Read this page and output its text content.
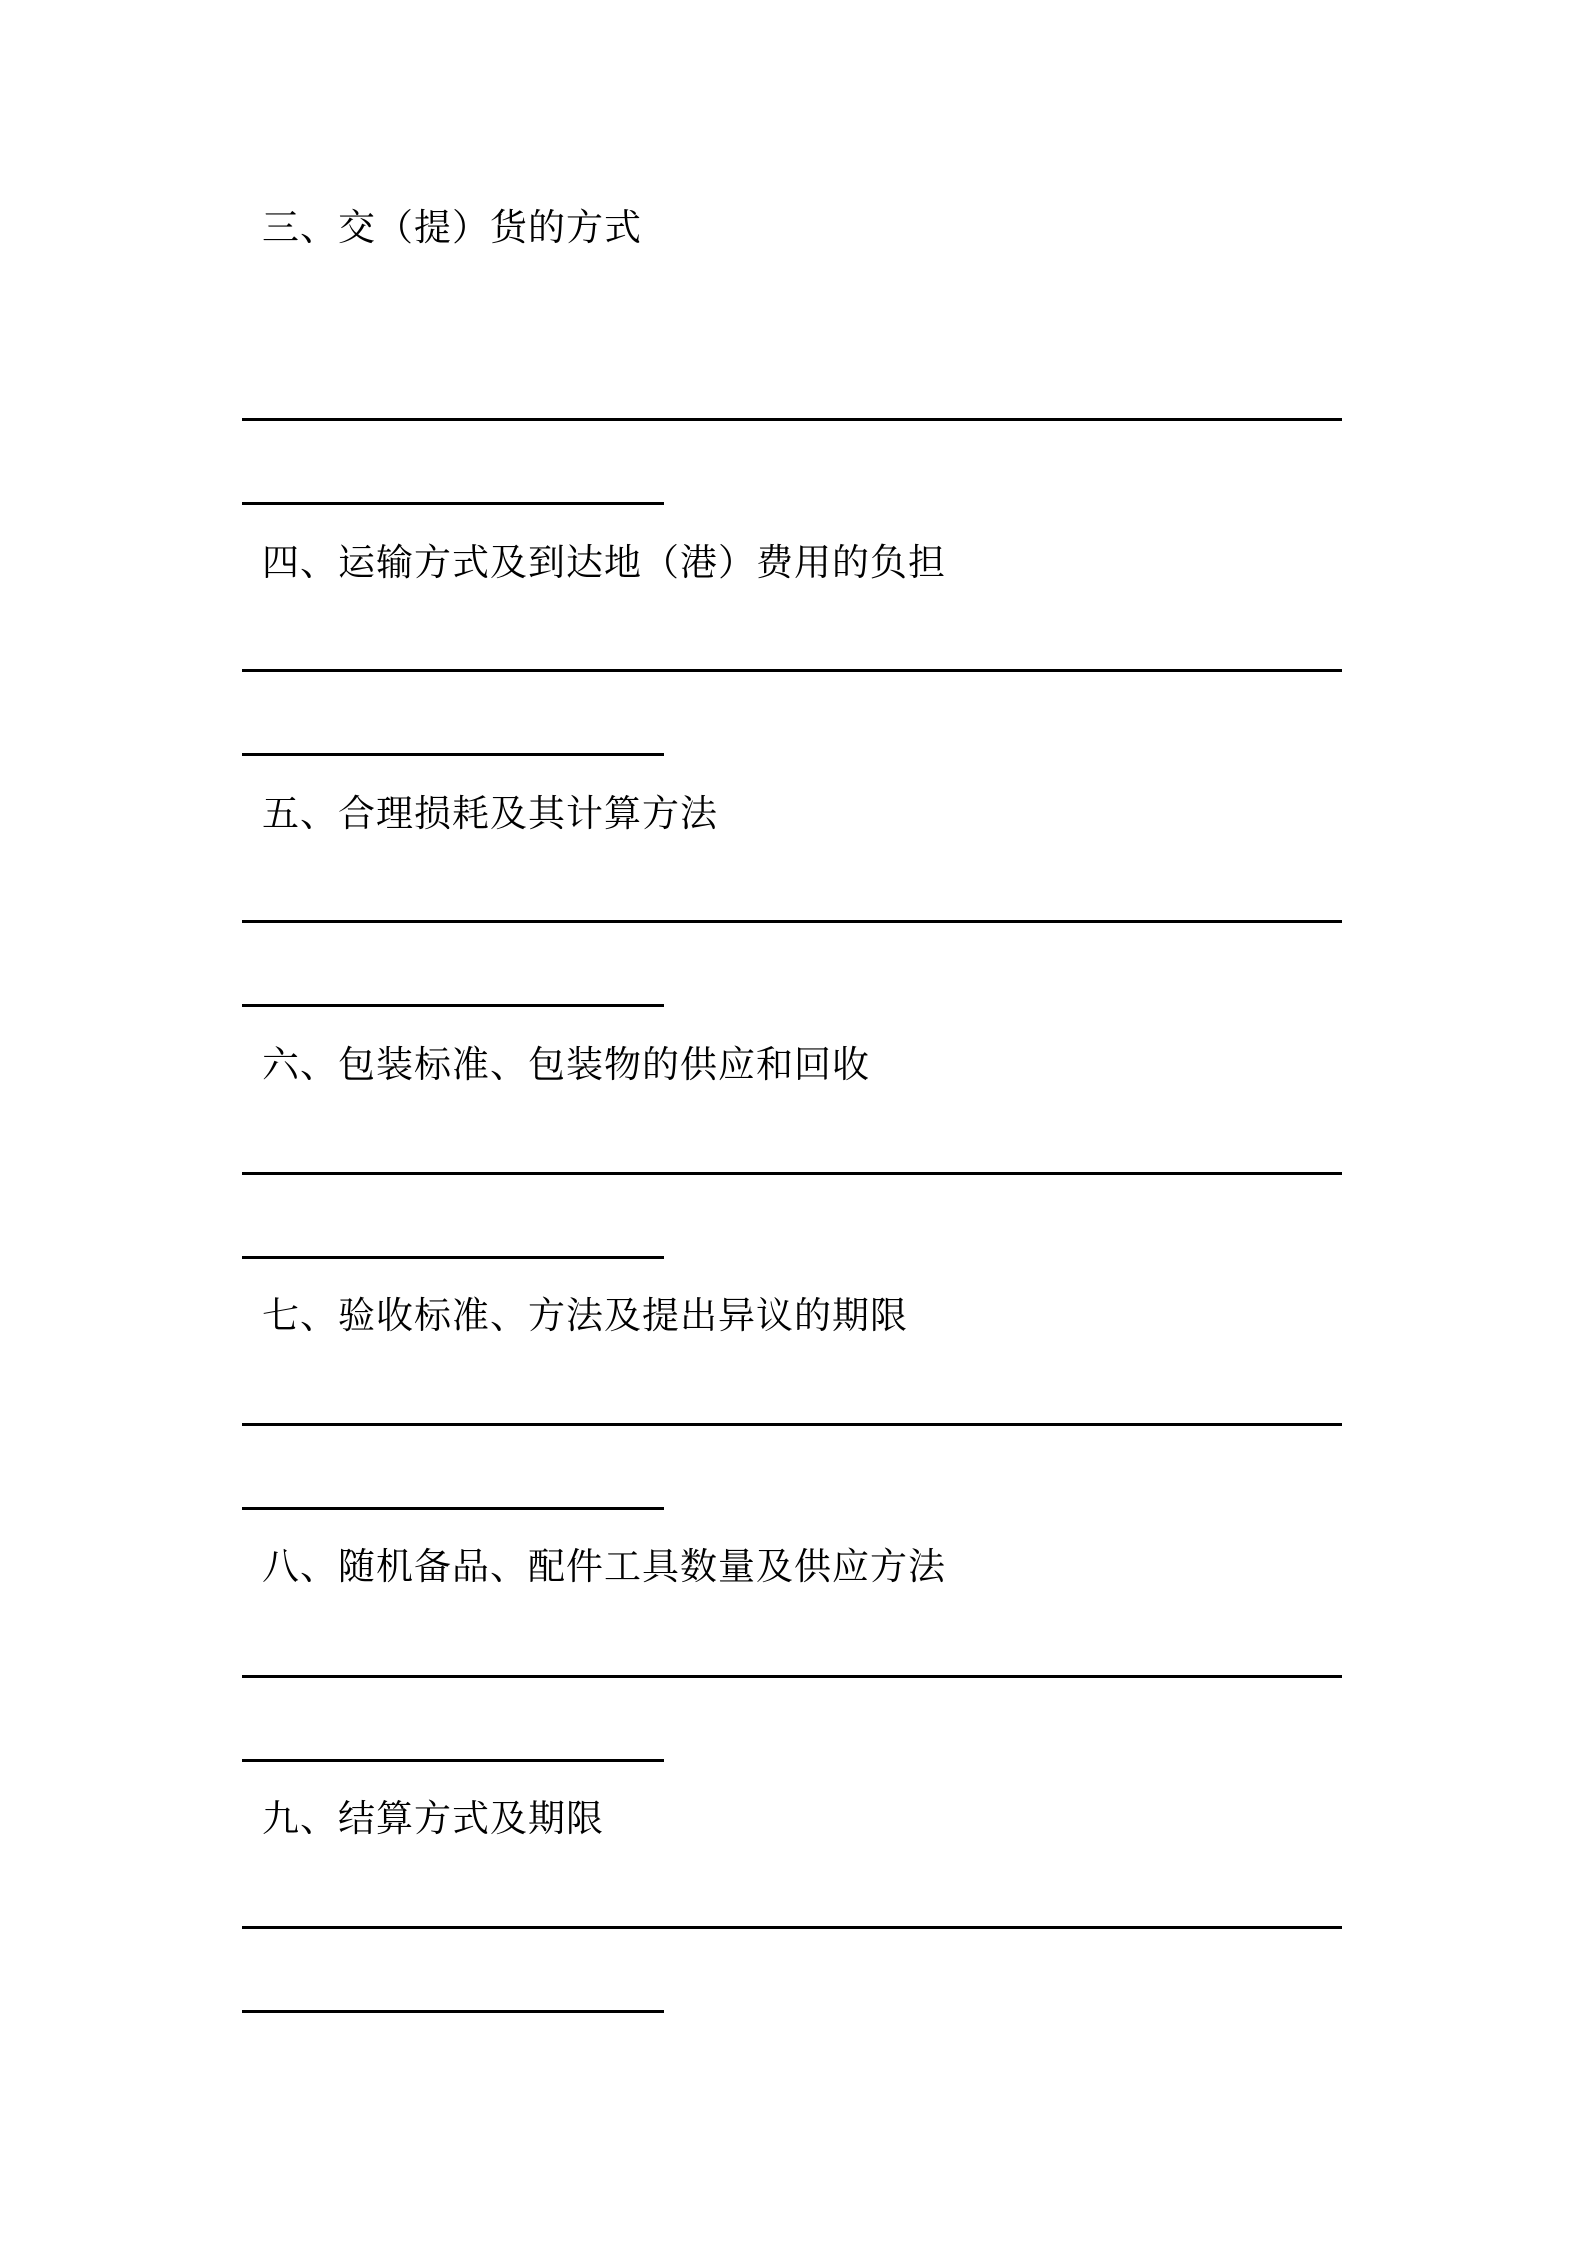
三、交（提）货的方式
四、运输方式及到达地（港）费用的负担
五、合理损耗及其计算方法
六、包装标准、包装物的供应和回收
七、验收标准、方法及提出异议的期限
八、随机备品、配件工具数量及供应方法
九、结算方式及期限
